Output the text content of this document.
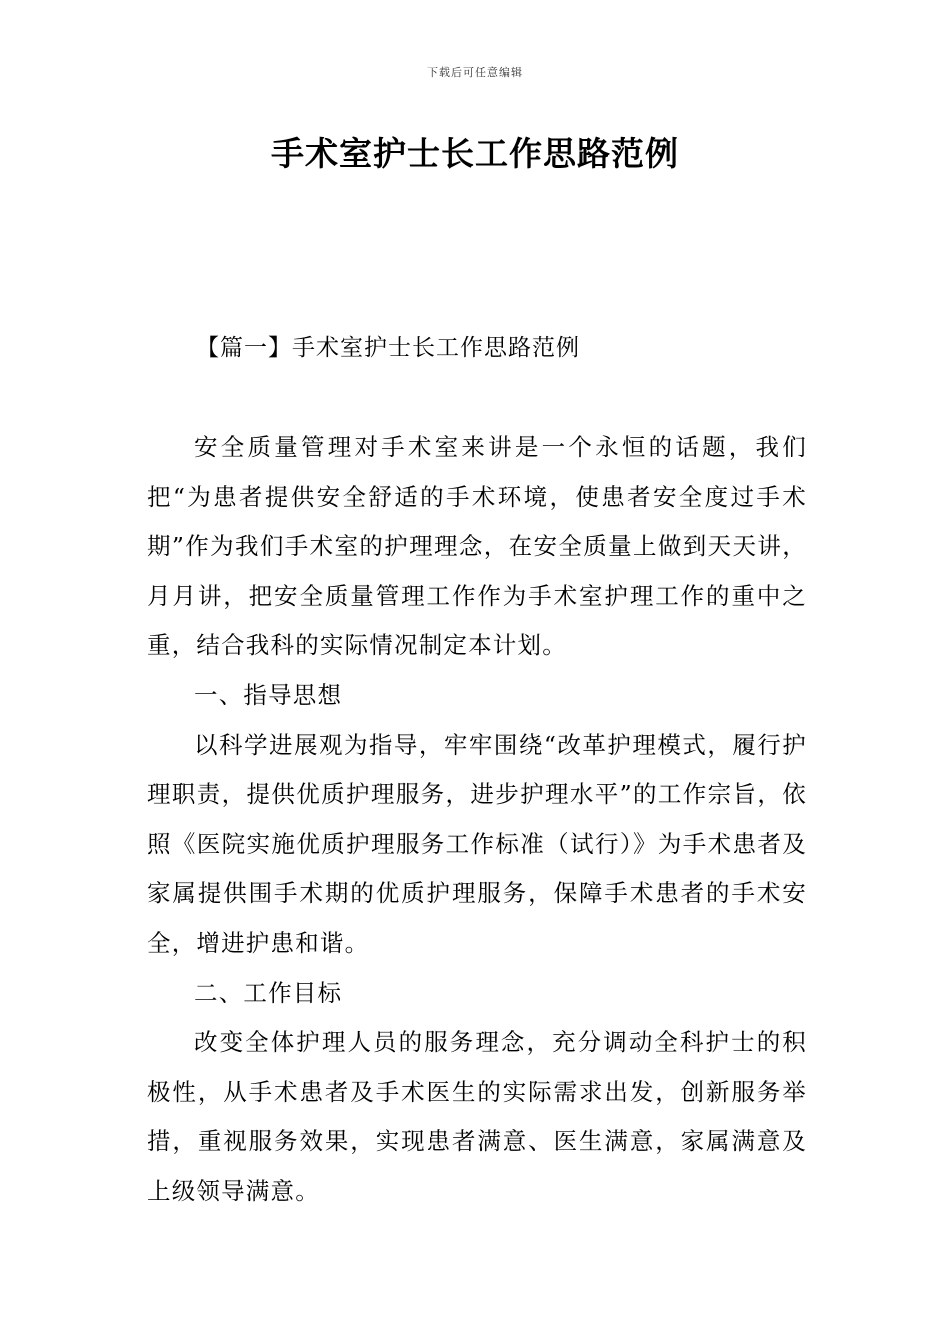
下载后可任意编辑
手术室护士长工作思路范例
【篇一】手术室护士长工作思路范例

安全质量管理对手术室来讲是一个永恒的话题，我们把“为患者提供安全舒适的手术环境，使患者安全度过手术期”作为我们手术室的护理理念，在安全质量上做到天天讲，月月讲，把安全质量管理工作作为手术室护理工作的重中之重，结合我科的实际情况制定本计划。

一、指导思想

以科学进展观为指导，牢牢围绕“改革护理模式，履行护理职责，提供优质护理服务，进步护理水平”的工作宗旨，依照《医院实施优质护理服务工作标准（试行）》为手术患者及家属提供围手术期的优质护理服务，保障手术患者的手术安全，增进护患和谐。

二、工作目标

改变全体护理人员的服务理念，充分调动全科护士的积极性，从手术患者及手术医生的实际需求出发，创新服务举措，重视服务效果，实现患者满意、医生满意，家属满意及上级领导满意。
